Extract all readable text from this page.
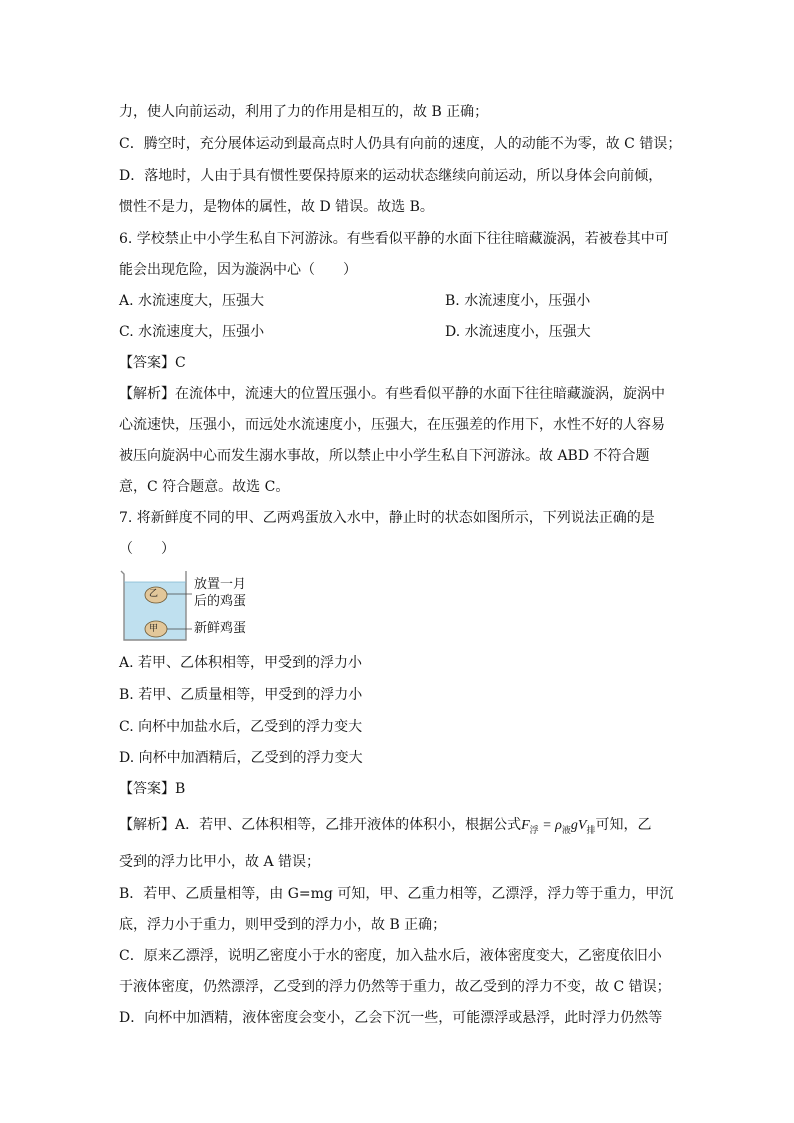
力，使人向前运动，利用了力的作用是相互的，故 B 正确；
C．腾空时，充分展体运动到最高点时人仍具有向前的速度，人的动能不为零，故 C 错误；
D．落地时，人由于具有惯性要保持原来的运动状态继续向前运动，所以身体会向前倾，
惯性不是力，是物体的属性，故 D 错误。故选 B。
6. 学校禁止中小学生私自下河游泳。有些看似平静的水面下往往暗藏漩涡，若被卷其中可
能会出现危险，因为漩涡中心（　　）
A. 水流速度大，压强大	B. 水流速度小，压强小
C. 水流速度大，压强小	D. 水流速度小，压强大
【答案】C
【解析】在流体中，流速大的位置压强小。有些看似平静的水面下往往暗藏漩涡，旋涡中
心流速快，压强小，而远处水流速度小，压强大，在压强差的作用下，水性不好的人容易
被压向旋涡中心而发生溺水事故，所以禁止中小学生私自下河游泳。故 ABD 不符合题
意，C 符合题意。故选 C。
7. 将新鲜度不同的甲、乙两鸡蛋放入水中，静止时的状态如图所示，下列说法正确的是
（　　）
乙
甲
放置一月
后的鸡蛋
新鲜鸡蛋
A. 若甲、乙体积相等，甲受到的浮力小
B. 若甲、乙质量相等，甲受到的浮力小
C. 向杯中加盐水后，乙受到的浮力变大
D. 向杯中加酒精后，乙受到的浮力变大
【答案】B
【解析】A．若甲、乙体积相等，乙排开液体的体积小，根据公式$F_浮 = \rho_液gV_排$可知，乙
受到的浮力比甲小，故 A 错误；
B．若甲、乙质量相等，由 G=mg 可知，甲、乙重力相等，乙漂浮，浮力等于重力，甲沉
底，浮力小于重力，则甲受到的浮力小，故 B 正确；
C．原来乙漂浮，说明乙密度小于水的密度，加入盐水后，液体密度变大，乙密度依旧小
于液体密度，仍然漂浮，乙受到的浮力仍然等于重力，故乙受到的浮力不变，故 C 错误；
D．向杯中加酒精，液体密度会变小，乙会下沉一些，可能漂浮或悬浮，此时浮力仍然等
